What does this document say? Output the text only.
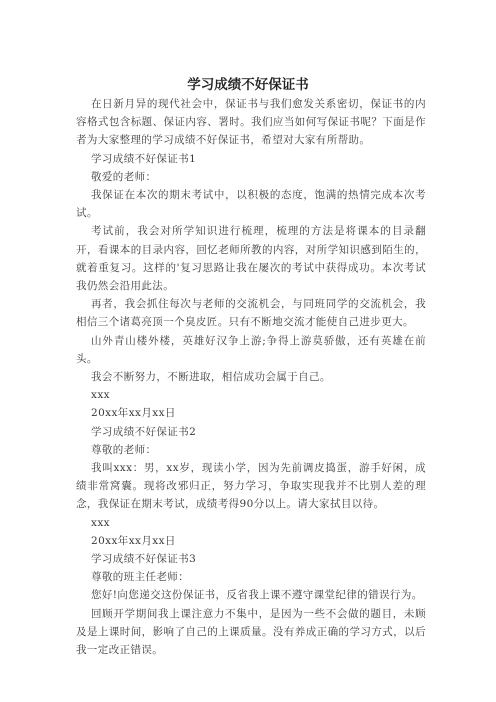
学习成绩不好保证书

在日新月异的现代社会中，保证书与我们愈发关系密切，保证书的内容格式包含标题、保证内容、署时。我们应当如何写保证书呢？下面是作者为大家整理的学习成绩不好保证书，希望对大家有所帮助。

学习成绩不好保证书1

敬爱的老师：

我保证在本次的期末考试中，以积极的态度，饱满的热情完成本次考试。

考试前，我会对所学知识进行梳理，梳理的方法是将课本的目录翻开，看课本的目录内容，回忆老师所教的内容，对所学知识感到陌生的，就着重复习。这样的'复习思路让我在屡次的考试中获得成功。本次考试我仍然会沿用此法。

再者，我会抓住每次与老师的交流机会，与同班同学的交流机会，我相信三个诸葛亮顶一个臭皮匠。只有不断地交流才能使自己进步更大。

山外青山楼外楼，英雄好汉争上游;争得上游莫骄傲，还有英雄在前头。

我会不断努力，不断进取，相信成功会属于自己。

xxx

20xx年xx月xx日

学习成绩不好保证书2

尊敬的老师：

我叫xxx：男，xx岁，现读小学，因为先前调皮捣蛋，游手好闲，成绩非常窝囊。现将改邪归正，努力学习，争取实现我并不比别人差的理念，我保证在期末考试，成绩考得90分以上。请大家拭目以待。

xxx

20xx年xx月xx日

学习成绩不好保证书3

尊敬的班主任老师：

您好!向您递交这份保证书，反省我上课不遵守课堂纪律的错误行为。

回顾开学期间我上课注意力不集中，是因为一些不会做的题目，未顾及是上课时间，影响了自己的上课质量。没有养成正确的学习方式，以后我一定改正错误。
